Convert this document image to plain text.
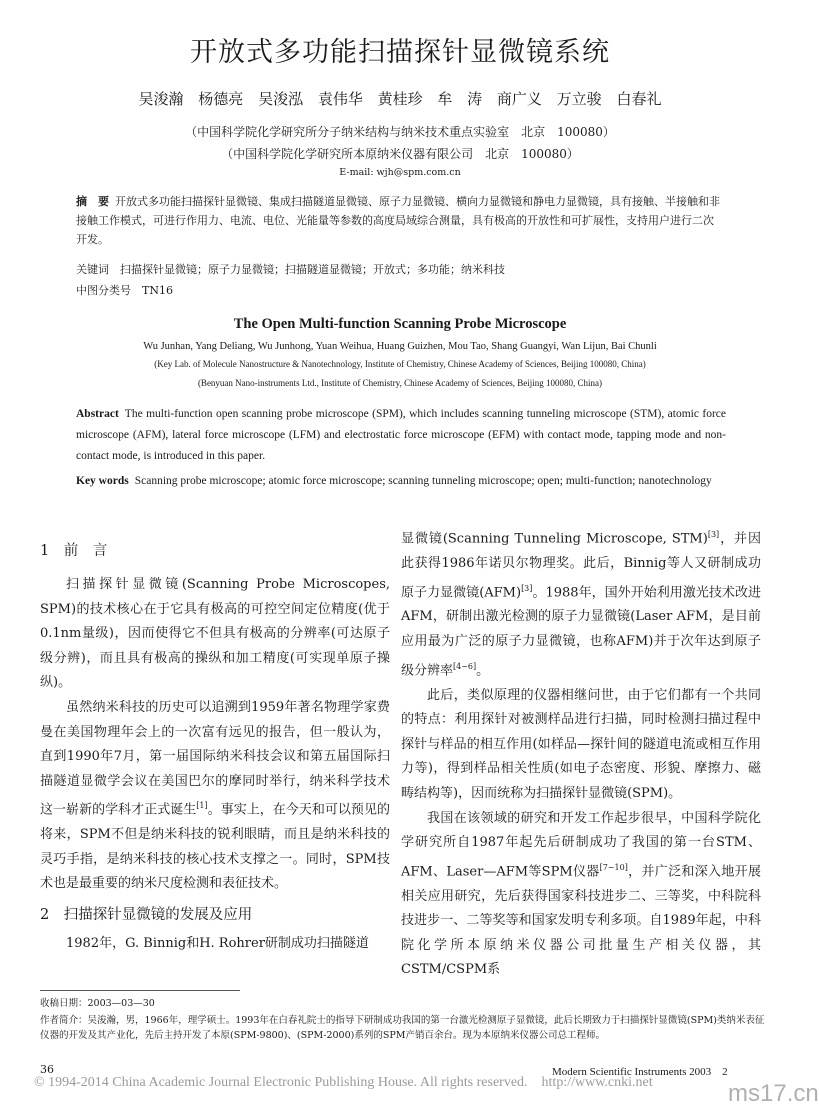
开放式多功能扫描探针显微镜系统
吴浚瀚 杨德亮 吴浚泓 袁伟华 黄桂珍 牟 涛 商广义 万立骏 白春礼
（中国科学院化学研究所分子纳米结构与纳米技术重点实验室　北京　100080）
（中国科学院化学研究所本原纳米仪器有限公司　北京　100080）
E-mail: wjh@spm.com.cn
摘　要 开放式多功能扫描探针显微镜、集成扫描隧道显微镜、原子力显微镜、横向力显微镜和静电力显微镜，具有接触、半接触和非接触工作模式，可进行作用力、电流、电位、光能量等参数的高度局域综合测量，具有极高的开放性和可扩展性，支持用户进行二次开发。
关键词　 扫描探针显微镜；原子力显微镜；扫描隧道显微镜；开放式；多功能；纳米科技
中图分类号　 TN16
The Open Multi-function Scanning Probe Microscope
Wu Junhan, Yang Deliang, Wu Junhong, Yuan Weihua, Huang Guizhen, Mou Tao, Shang Guangyi, Wan Lijun, Bai Chunli
(Key Lab. of Molecule Nanostructure & Nanotechnology, Institute of Chemistry, Chinese Academy of Sciences, Beijing 100080, China)
(Benyuan Nano-instruments Ltd., Institute of Chemistry, Chinese Academy of Sciences, Beijing 100080, China)
Abstract The multi-function open scanning probe microscope (SPM), which includes scanning tunneling microscope (STM), atomic force microscope (AFM), lateral force microscope (LFM) and electrostatic force microscope (EFM) with contact mode, tapping mode and non-contact mode, is introduced in this paper.
Key words Scanning probe microscope; atomic force microscope; scanning tunneling microscope; open; multi-function; nanotechnology
1　前　言

扫描探针显微镜(Scanning Probe Microscopes, SPM)的技术核心在于它具有极高的可控空间定位精度(优于0.1nm量级)，因而使得它不但具有极高的分辨率(可达原子级分辨)，而且具有极高的操纵和加工精度(可实现单原子操纵)。

虽然纳米科技的历史可以追溯到1959年著名物理学家费曼在美国物理年会上的一次富有远见的报告，但一般认为，直到1990年7月，第一届国际纳米科技会议和第五届国际扫描隧道显微学会议在美国巴尔的摩同时举行，纳米科学技术这一崭新的学科才正式诞生[1]。事实上，在今天和可以预见的将来，SPM不但是纳米科技的锐利眼睛，而且是纳米科技的灵巧手指，是纳米科技的核心技术支撑之一。同时，SPM技术也是最重要的纳米尺度检测和表征技术。

2　扫描探针显微镜的发展及应用

1982年，G. Binnig和H. Rohrer研制成功扫描隧道

显微镜(Scanning Tunneling Microscope, STM)[3]，并因此获得1986年诺贝尔物理奖。此后，Binnig等人又研制成功原子力显微镜(AFM)[3]。1988年，国外开始利用激光技术改进AFM，研制出激光检测的原子力显微镜(Laser AFM，是目前应用最为广泛的原子力显微镜，也称AFM)并于次年达到原子级分辨率[4~6]。

此后，类似原理的仪器相继问世，由于它们都有一个共同的特点：利用探针对被测样品进行扫描，同时检测扫描过程中探针与样品的相互作用(如样品—探针间的隧道电流或相互作用力等)，得到样品相关性质(如电子态密度、形貌、摩擦力、磁畴结构等)，因而统称为扫描探针显微镜(SPM)。

我国在该领域的研究和开发工作起步很早，中国科学院化学研究所自1987年起先后研制成功了我国的第一台STM、AFM、Laser—AFM等SPM仪器[7~10]，并广泛和深入地开展相关应用研究，先后获得国家科技进步二、三等奖，中科院科技进步一、二等奖等和国家发明专利多项。自1989年起，中科院化学所本原纳米仪器公司批量生产相关仪器，其CSTM/CSPM系

收稿日期：2003—03—30
作者简介：吴浚瀚，男，1966年，理学硕士。1993年在白春礼院士的指导下研制成功我国的第一台激光检测原子显微镜，此后长期致力于扫描探针显微镜(SPM)类纳米表征仪器的开发及其产业化，先后主持开发了本原(SPM-9800)、(SPM-2000)系列的SPM产销百余台。现为本原纳米仪器公司总工程师。
36	Modern Scientific Instruments 2003　2
© 1994-2014 China Academic Journal Electronic Publishing House. All rights reserved.　http://www.cnki.net	ms17.cn
